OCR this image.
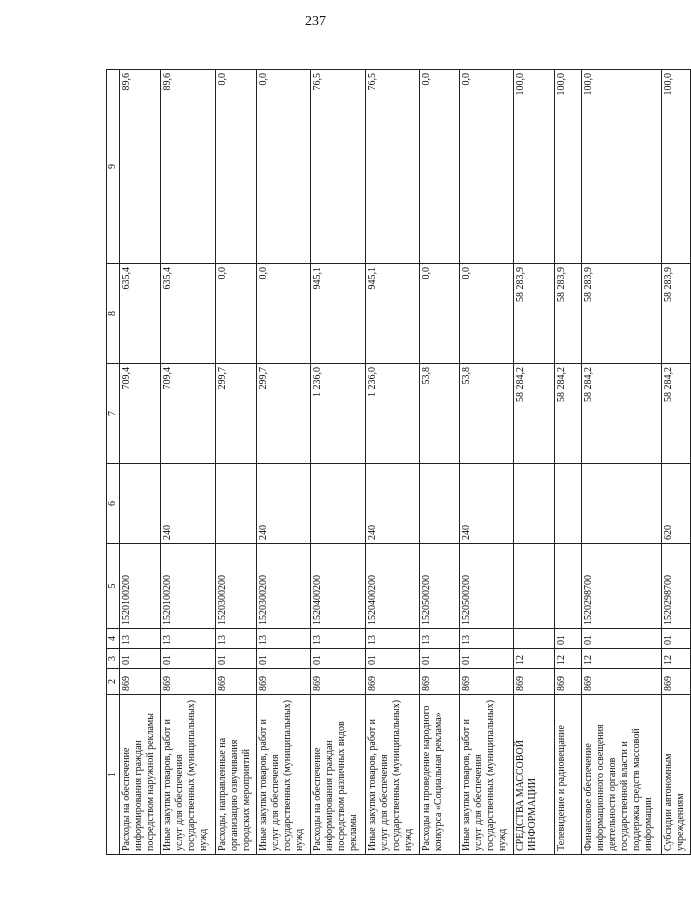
237
1	2	3	4	5	6	7	8	9
Расходы на обеспечение информирования граждан посредством наружной рекламы	869	01	13	1520100200		709,4	635,4	89,6
Иные закупки товаров, работ и услуг для обеспечения государственных (муниципальных) нужд	869	01	13	1520100200	240	709,4	635,4	89,6
Расходы, направленные на организацию озвучивания городских мероприятий	869	01	13	1520300200		299,7	0,0	0,0
Иные закупки товаров, работ и услуг для обеспечения государственных (муниципальных) нужд	869	01	13	1520300200	240	299,7	0,0	0,0
Расходы на обеспечение информирования граждан посредством различных видов рекламы	869	01	13	1520400200		1 236,0	945,1	76,5
Иные закупки товаров, работ и услуг для обеспечения государственных (муниципальных) нужд	869	01	13	1520400200	240	1 236,0	945,1	76,5
Расходы на проведение народного конкурса «Социальная реклама»	869	01	13	1520500200		53,8	0,0	0,0
Иные закупки товаров, работ и услуг для обеспечения государственных (муниципальных) нужд	869	01	13	1520500200	240	53,8	0,0	0,0
СРЕДСТВА МАССОВОЙ ИНФОРМАЦИИ	869	12				58 284,2	58 283,9	100,0
Телевидение и радиовещание	869	12	01			58 284,2	58 283,9	100,0
Финансовое обеспечение информационного освещения деятельности органов государственной власти и поддержка средств массовой информации	869	12	01	1520298700		58 284,2	58 283,9	100,0
Субсидии автономным учреждениям	869	12	01	1520298700	620	58 284,2	58 283,9	100,0
